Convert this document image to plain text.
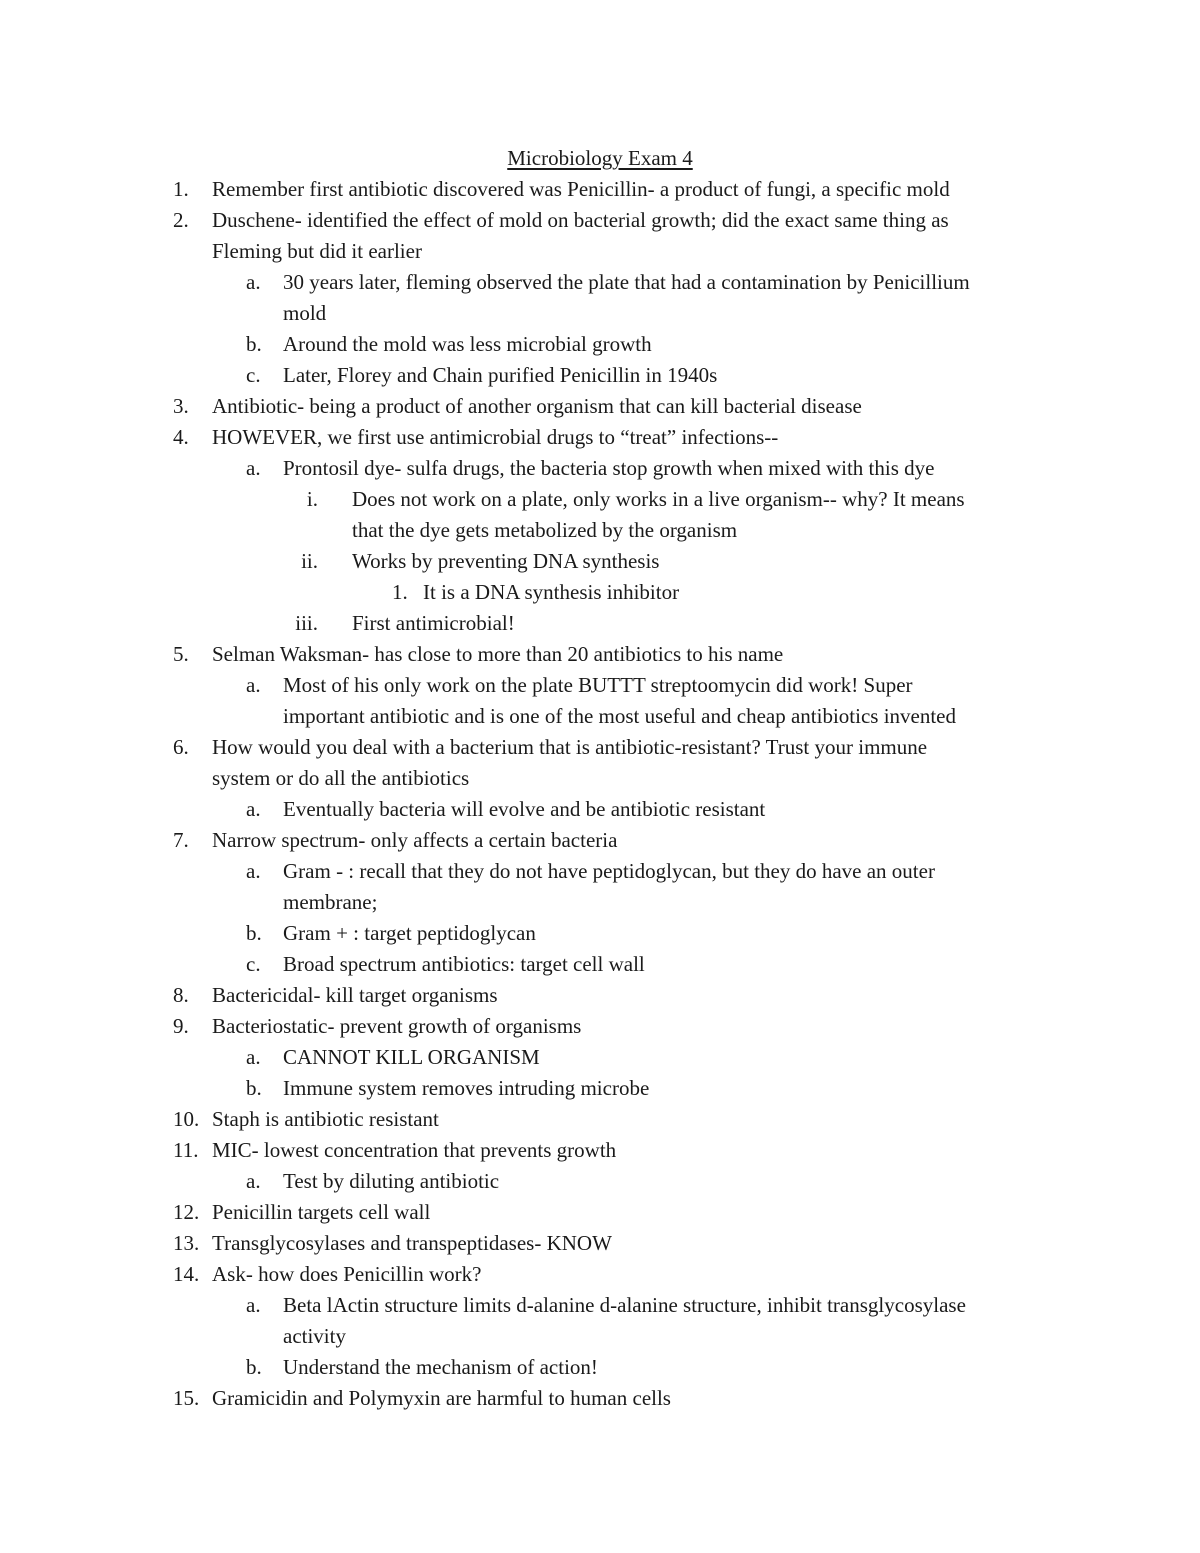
Microbiology Exam 4
1. Remember first antibiotic discovered was Penicillin- a product of fungi, a specific mold
2. Duschene- identified the effect of mold on bacterial growth; did the exact same thing as
Fleming but did it earlier
a. 30 years later, fleming observed the plate that had a contamination by Penicillium
mold
b. Around the mold was less microbial growth
c. Later, Florey and Chain purified Penicillin in 1940s
3. Antibiotic- being a product of another organism that can kill bacterial disease
4. HOWEVER, we first use antimicrobial drugs to “treat” infections--
a. Prontosil dye- sulfa drugs, the bacteria stop growth when mixed with this dye
i. Does not work on a plate, only works in a live organism-- why? It means
that the dye gets metabolized by the organism
ii. Works by preventing DNA synthesis
1. It is a DNA synthesis inhibitor
iii. First antimicrobial!
5. Selman Waksman- has close to more than 20 antibiotics to his name
a. Most of his only work on the plate BUTTT streptoomycin did work! Super
important antibiotic and is one of the most useful and cheap antibiotics invented
6. How would you deal with a bacterium that is antibiotic-resistant? Trust your immune
system or do all the antibiotics
a. Eventually bacteria will evolve and be antibiotic resistant
7. Narrow spectrum- only affects a certain bacteria
a. Gram - : recall that they do not have peptidoglycan, but they do have an outer
membrane;
b. Gram + : target peptidoglycan
c. Broad spectrum antibiotics: target cell wall
8. Bactericidal- kill target organisms
9. Bacteriostatic- prevent growth of organisms
a. CANNOT KILL ORGANISM
b. Immune system removes intruding microbe
10. Staph is antibiotic resistant
11. MIC- lowest concentration that prevents growth
a. Test by diluting antibiotic
12. Penicillin targets cell wall
13. Transglycosylases and transpeptidases- KNOW
14. Ask- how does Penicillin work?
a. Beta lActin structure limits d-alanine d-alanine structure, inhibit transglycosylase
activity
b. Understand the mechanism of action!
15. Gramicidin and Polymyxin are harmful to human cells
